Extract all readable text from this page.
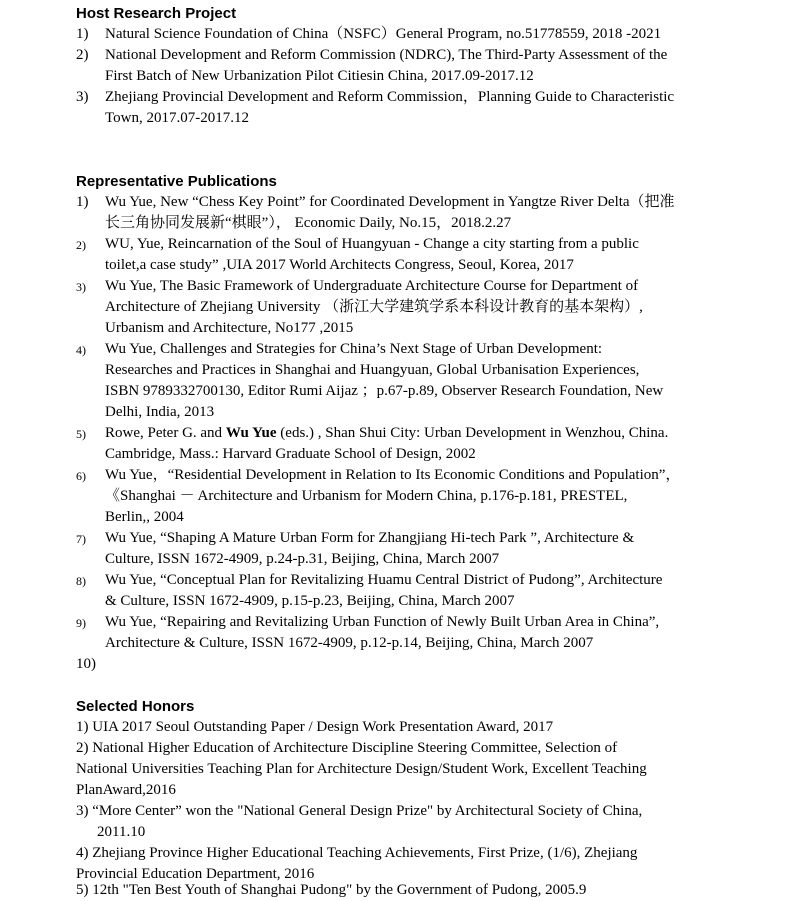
Host Research Project
1) Natural Science Foundation of China（NSFC）General Program, no.51778559, 2018 -2021
2) National Development and Reform Commission (NDRC), The Third-Party Assessment of the
First Batch of New Urbanization Pilot Citiesin China, 2017.09-2017.12
3) Zhejiang Provincial Development and Reform Commission，Planning Guide to Characteristic
Town, 2017.07-2017.12
Representative Publications
1) Wu Yue, New “Chess Key Point” for Coordinated Development in Yangtze River Delta（把准
长三角协同发展新“棋眼”）， Economic Daily, No.15，2018.2.27
2) WU, Yue, Reincarnation of the Soul of Huangyuan - Change a city starting from a public
toilet,a case study” ,UIA 2017 World Architects Congress, Seoul, Korea, 2017
3) Wu Yue, The Basic Framework of Undergraduate Architecture Course for Department of
Architecture of Zhejiang University （浙江大学建筑学系本科设计教育的基本架构）,
Urbanism and Architecture, No177 ,2015
4) Wu Yue, Challenges and Strategies for China’s Next Stage of Urban Development:
Researches and Practices in Shanghai and Huangyuan, Global Urbanisation Experiences,
ISBN 9789332700130, Editor Rumi Aijaz ；p.67-p.89, Observer Research Foundation, New
Delhi, India, 2013
5) Rowe, Peter G. and Wu Yue (eds.) , Shan Shui City: Urban Development in Wenzhou, China.
Cambridge, Mass.: Harvard Graduate School of Design, 2002
6) Wu Yue，“Residential Development in Relation to Its Economic Conditions and Population”，
《Shanghai － Architecture and Urbanism for Modern China, p.176-p.181, PRESTEL,
Berlin,, 2004
7) Wu Yue, “Shaping A Mature Urban Form for Zhangjiang Hi-tech Park ”, Architecture &
Culture, ISSN 1672-4909, p.24-p.31, Beijing, China, March 2007
8) Wu Yue, “Conceptual Plan for Revitalizing Huamu Central District of Pudong”, Architecture
& Culture, ISSN 1672-4909, p.15-p.23, Beijing, China, March 2007
9) Wu Yue, “Repairing and Revitalizing Urban Function of Newly Built Urban Area in China”,
Architecture & Culture, ISSN 1672-4909, p.12-p.14, Beijing, China, March 2007
10)
Selected Honors
1) UIA 2017 Seoul Outstanding Paper / Design Work Presentation Award, 2017
2) National Higher Education of Architecture Discipline Steering Committee, Selection of
National Universities Teaching Plan for Architecture Design/Student Work, Excellent Teaching
PlanAward,2016
3) “More Center” won the "National General Design Prize" by Architectural Society of China,
2011.10
4) Zhejiang Province Higher Educational Teaching Achievements, First Prize, (1/6), Zhejiang
Provincial Education Department, 2016
5) 12th "Ten Best Youth of Shanghai Pudong" by the Government of Pudong, 2005.9
